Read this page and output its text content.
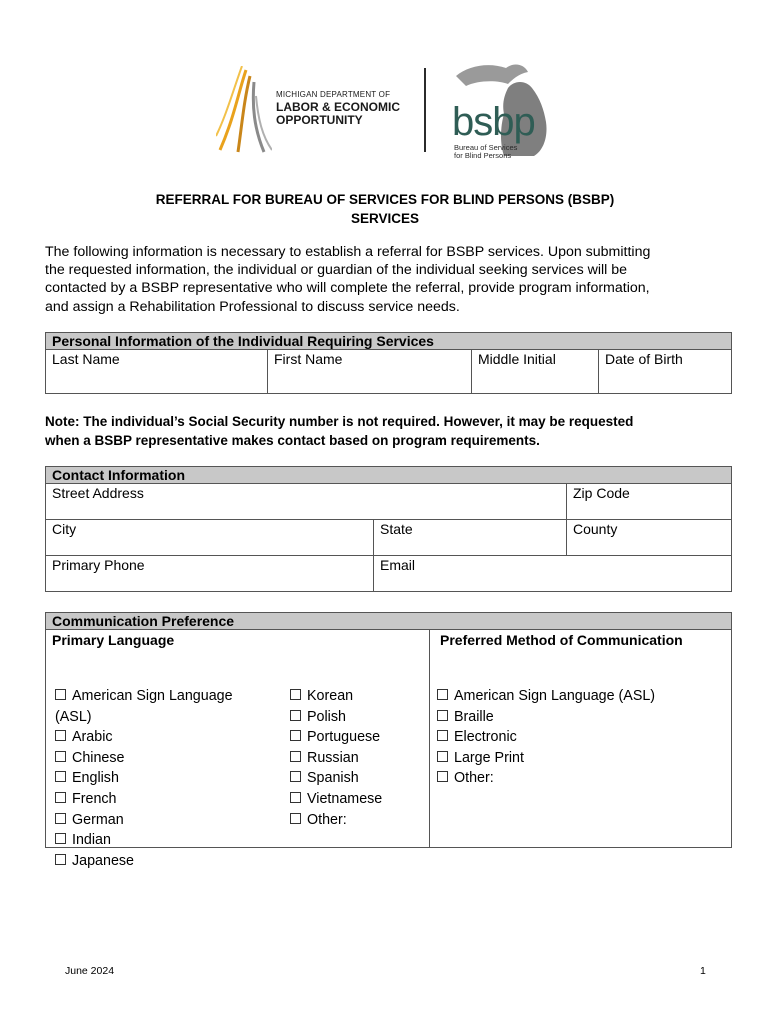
MICHIGAN DEPARTMENT OF
LABOR & ECONOMIC
OPPORTUNITY bsbp
Bureau of Services
for Blind Persons
REFERRAL FOR BUREAU OF SERVICES FOR BLIND PERSONS (BSBP)
SERVICES
The following information is necessary to establish a referral for BSBP services. Upon submitting
the requested information, the individual or guardian of the individual seeking services will be
contacted by a BSBP representative who will complete the referral, provide program information,
and assign a Rehabilitation Professional to discuss service needs.
Personal Information of the Individual Requiring Services
Last Name	First Name	Middle Initial	Date of Birth
Note: The individual’s Social Security number is not required. However, it may be requested
when a BSBP representative makes contact based on program requirements.
Contact Information		
Street Address		Zip Code
City	State	County
Primary Phone	Email	
Communication Preference

Primary Language
American Sign Language
(ASL)
Arabic
Chinese
English
French
German
Indian
Japanese
Korean
Polish
Portuguese
Russian
Spanish
Vietnamese
Other:

Preferred Method of Communication
American Sign Language (ASL)
Braille
Electronic
Large Print
Other:
June 2024	1
